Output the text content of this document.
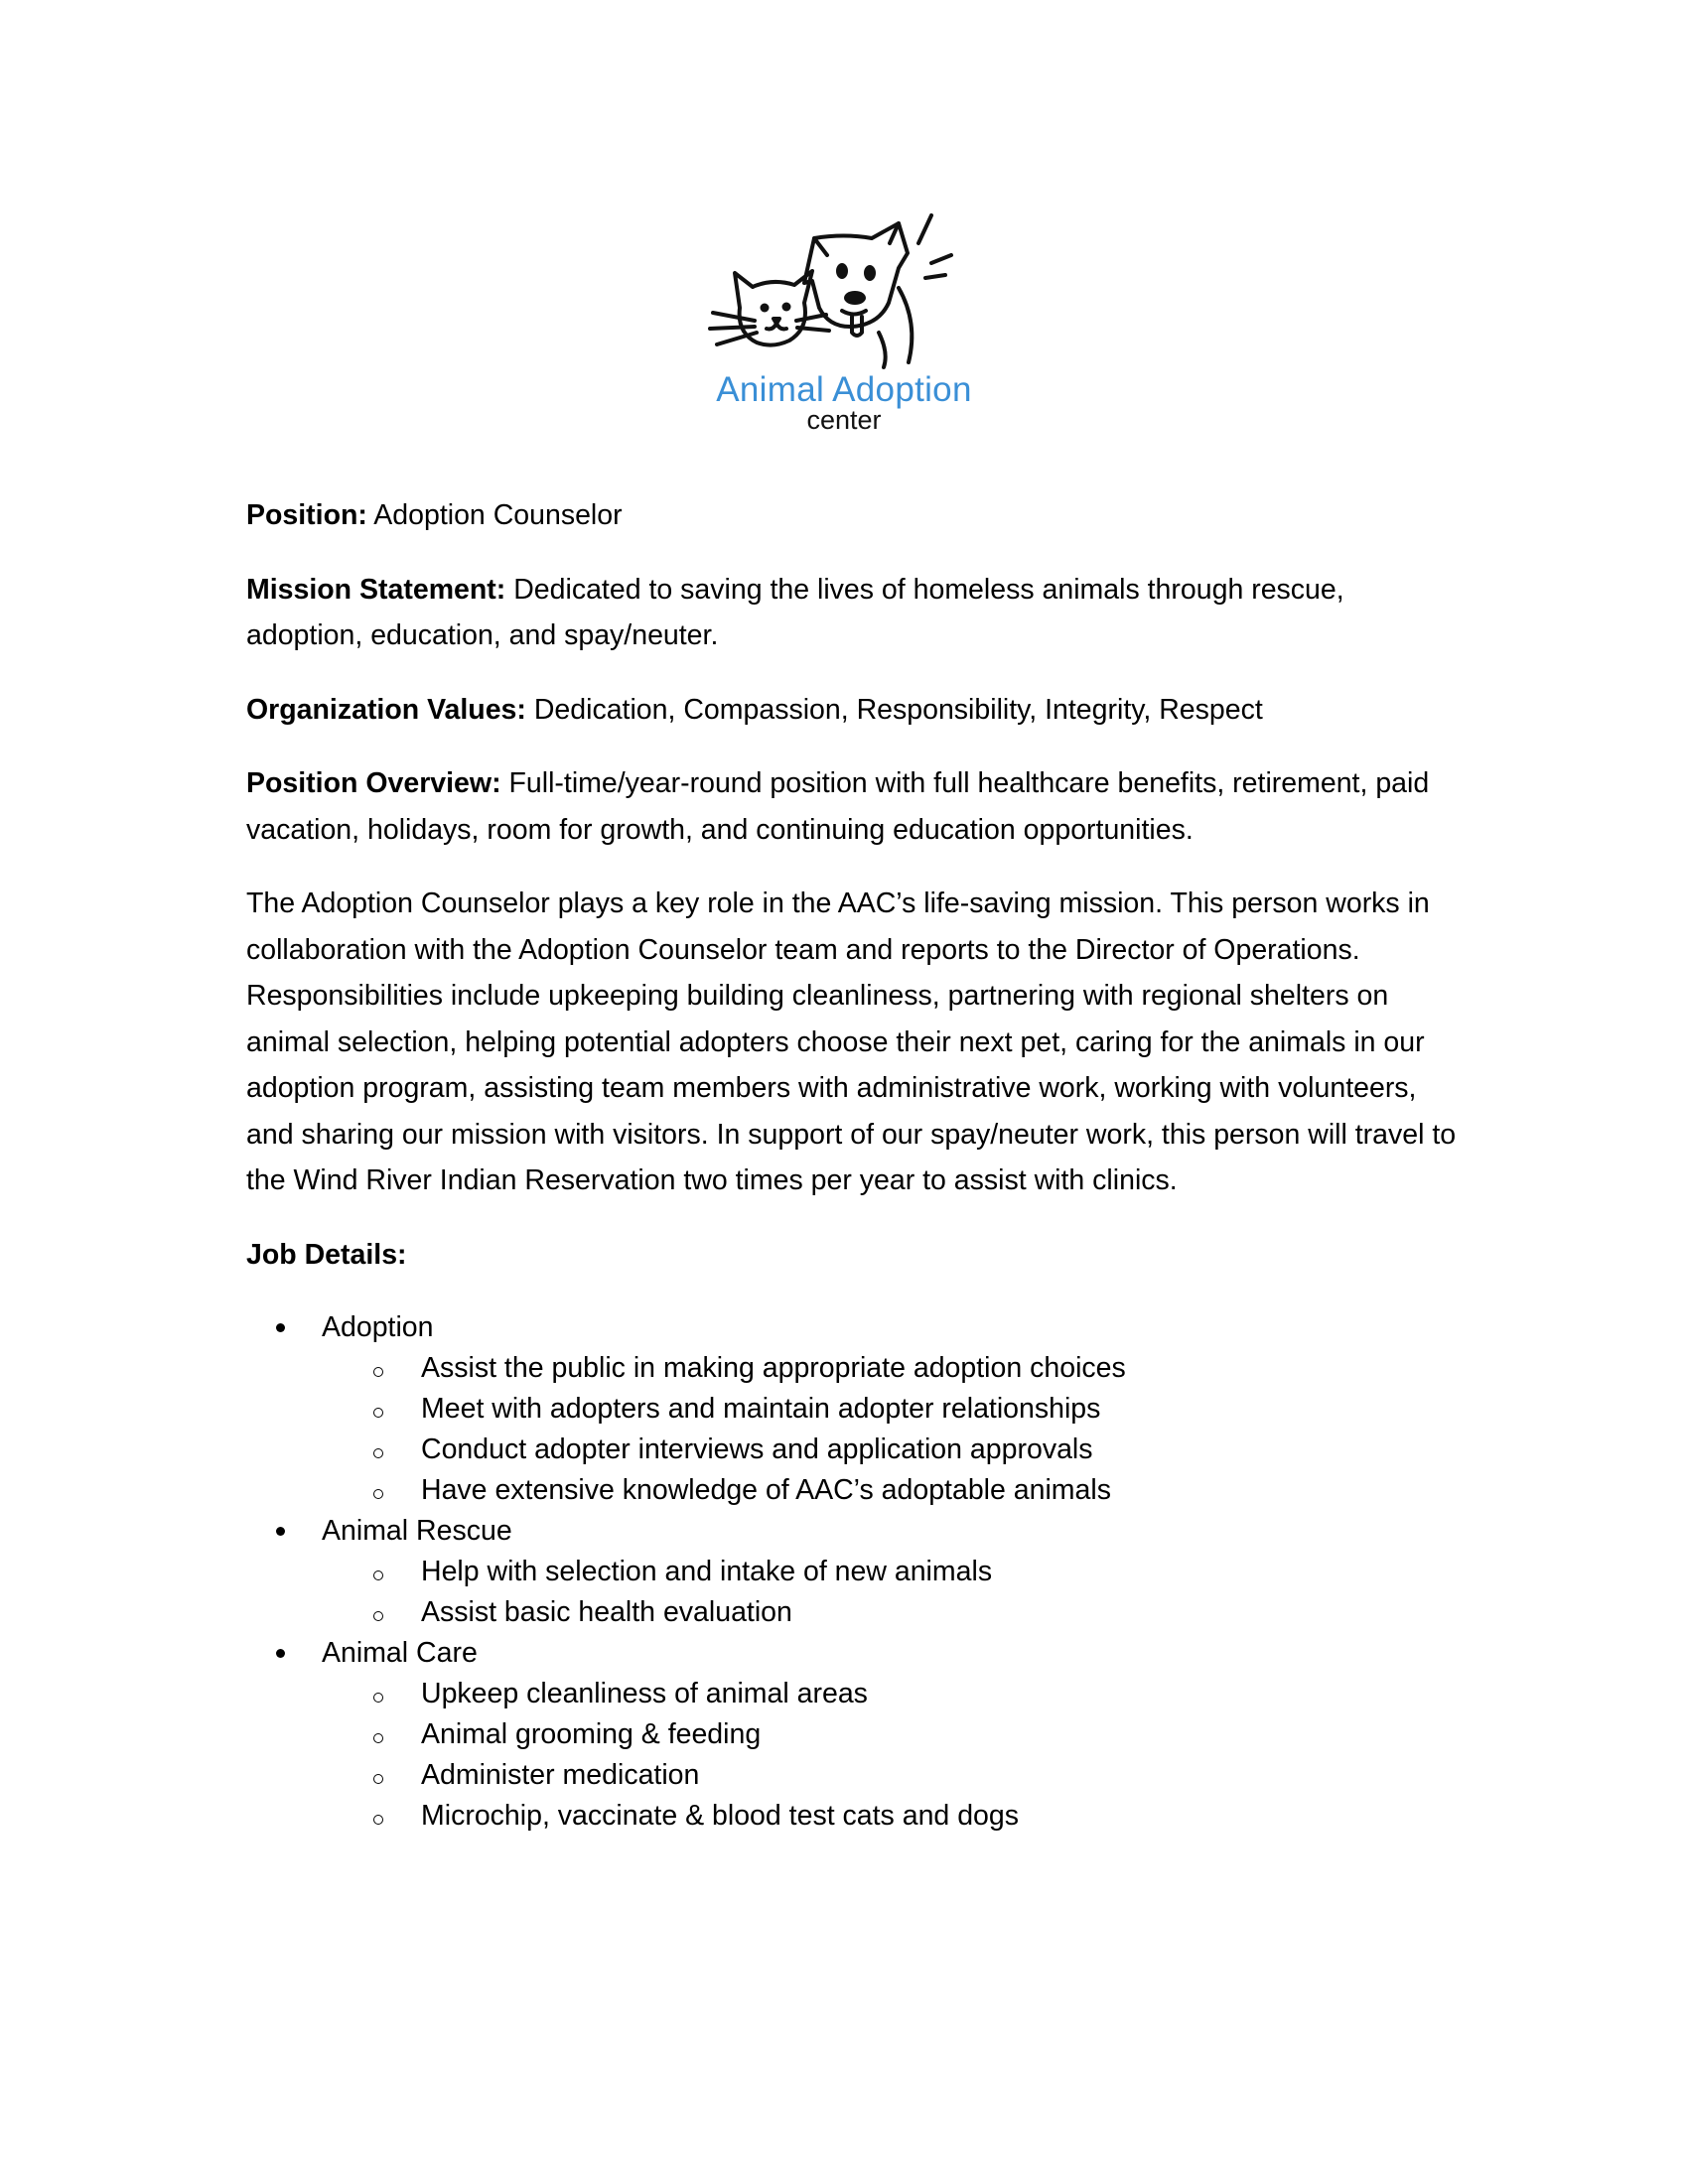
Animal Adoption
center

Position: Adoption Counselor

Mission Statement: Dedicated to saving the lives of homeless animals through rescue, adoption, education, and spay/neuter.

Organization Values: Dedication, Compassion, Responsibility, Integrity, Respect

Position Overview: Full-time/year-round position with full healthcare benefits, retirement, paid vacation, holidays, room for growth, and continuing education opportunities.

The Adoption Counselor plays a key role in the AAC’s life-saving mission. This person works in collaboration with the Adoption Counselor team and reports to the Director of Operations. Responsibilities include upkeeping building cleanliness, partnering with regional shelters on animal selection, helping potential adopters choose their next pet, caring for the animals in our adoption program, assisting team members with administrative work, working with volunteers, and sharing our mission with visitors. In support of our spay/neuter work, this person will travel to the Wind River Indian Reservation two times per year to assist with clinics.

Job Details:

Adoption
Assist the public in making appropriate adoption choices
Meet with adopters and maintain adopter relationships
Conduct adopter interviews and application approvals
Have extensive knowledge of AAC’s adoptable animals
Animal Rescue
Help with selection and intake of new animals
Assist basic health evaluation
Animal Care
Upkeep cleanliness of animal areas
Animal grooming & feeding
Administer medication
Microchip, vaccinate & blood test cats and dogs
